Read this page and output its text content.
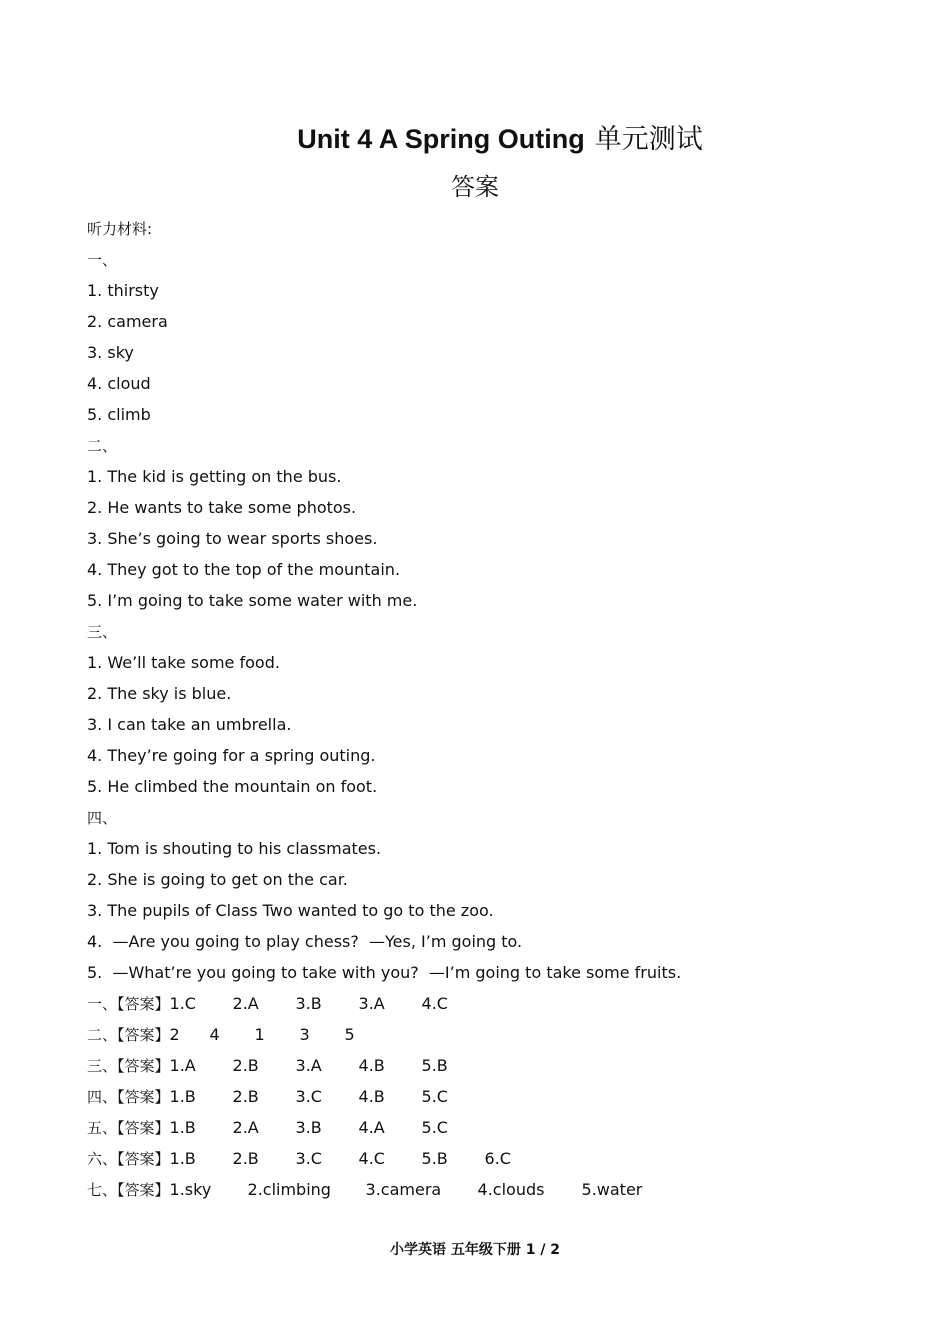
Unit 4 A Spring Outing 单元测试
答案
听力材料:
一、
1. thirsty
2. camera
3. sky
4. cloud
5. climb
二、
1. The kid is getting on the bus.
2. He wants to take some photos.
3. She’s going to wear sports shoes.
4. They got to the top of the mountain.
5. I’m going to take some water with me.
三、
1. We’ll take some food.
2. The sky is blue.
3. I can take an umbrella.
4. They’re going for a spring outing.
5. He climbed the mountain on foot.
四、
1. Tom is shouting to his classmates.
2. She is going to get on the car.
3. The pupils of Class Two wanted to go to the zoo.
4.  —Are you going to play chess?  —Yes, I’m going to.
5.  —What’re you going to take with you?  —I’m going to take some fruits.
一、【答案】 1.C	2.A	3.B	3.A	4.C
二、【答案】 2	4	1	3	5
三、【答案】 1.A	2.B	3.A	4.B	5.B
四、【答案】 1.B	2.B	3.C	4.B	5.C
五、【答案】 1.B	2.A	3.B	4.A	5.C
六、【答案】 1.B	2.B	3.C	4.C	5.B	6.C
七、【答案】 1.sky	2.climbing	3.camera	4.clouds	5.water
小学英语 五年级下册 1 / 2
